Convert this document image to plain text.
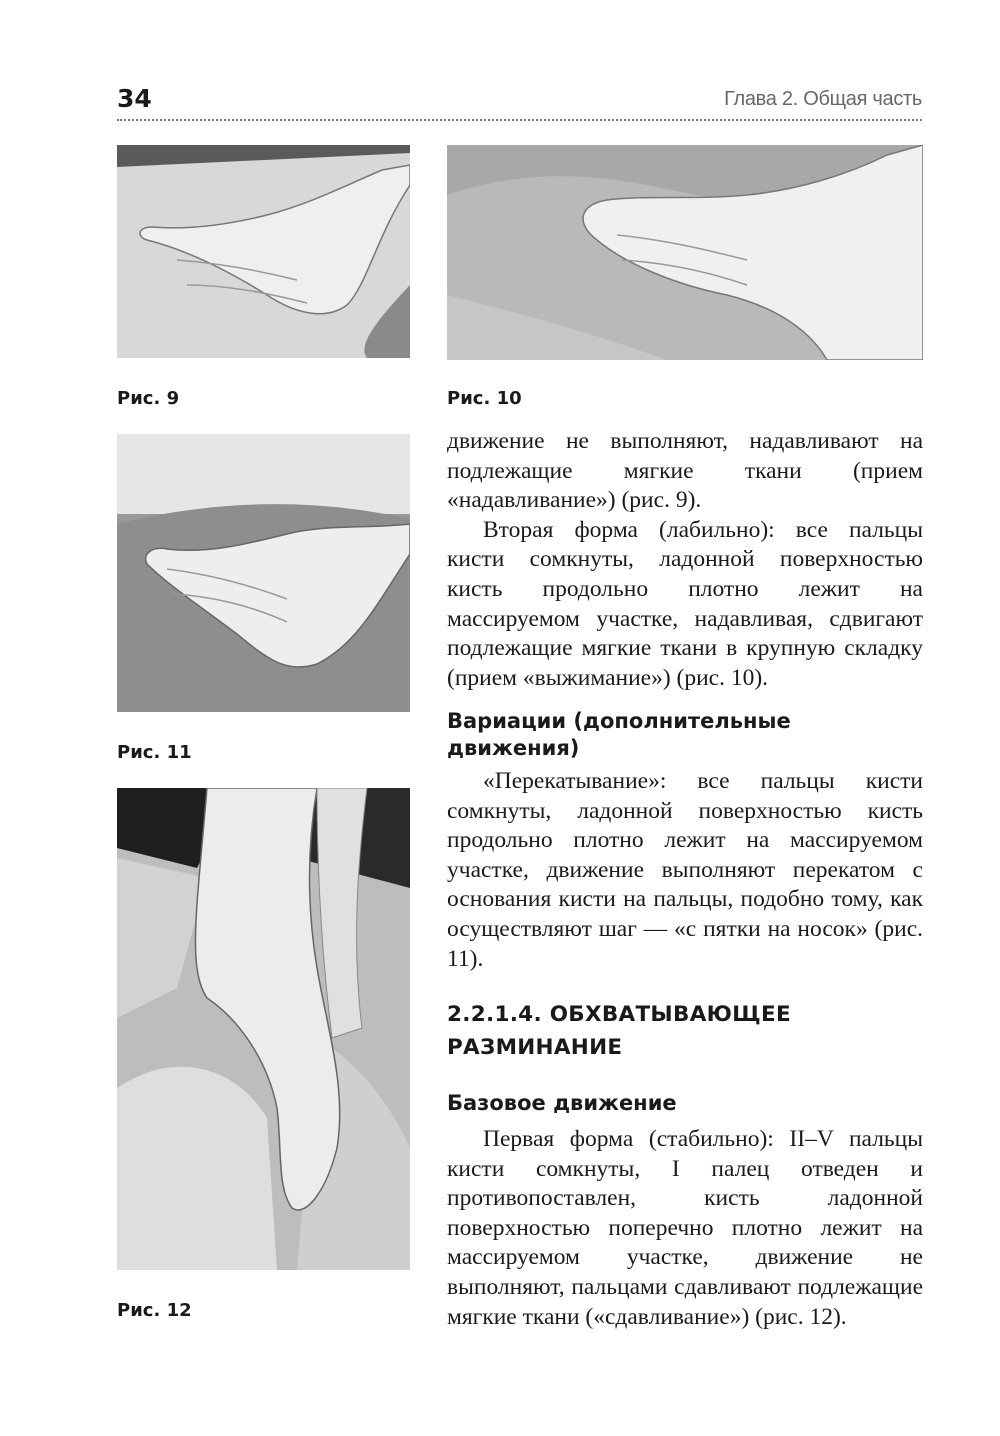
34	Глава 2. Общая часть
Рис. 9	Рис. 10
Рис. 11
Рис. 12

движение не выполняют, надавливают на подлежащие мягкие ткани (прием «надавливание») (рис. 9).

Вторая форма (лабильно): все пальцы кисти сомкнуты, ладонной поверхностью кисть продольно плотно лежит на массируемом участке, надавливая, сдвигают подлежащие мягкие ткани в крупную складку (прием «выжимание») (рис. 10).

Вариации (дополнительные движения)

«Перекатывание»: все пальцы кисти сомкнуты, ладонной поверхностью кисть продольно плотно лежит на массируемом участке, движение выполняют перекатом с основания кисти на пальцы, подобно тому, как осуществляют шаг — «с пятки на носок» (рис. 11).

2.2.1.4. ОБХВАТЫВАЮЩЕЕ РАЗМИНАНИЕ
Базовое движение

Первая форма (стабильно): II–V пальцы кисти сомкнуты, I палец отведен и противопоставлен, кисть ладонной поверхностью поперечно плотно лежит на массируемом участке, движение не выполняют, пальцами сдавливают подлежащие мягкие ткани («сдавливание») (рис. 12).
